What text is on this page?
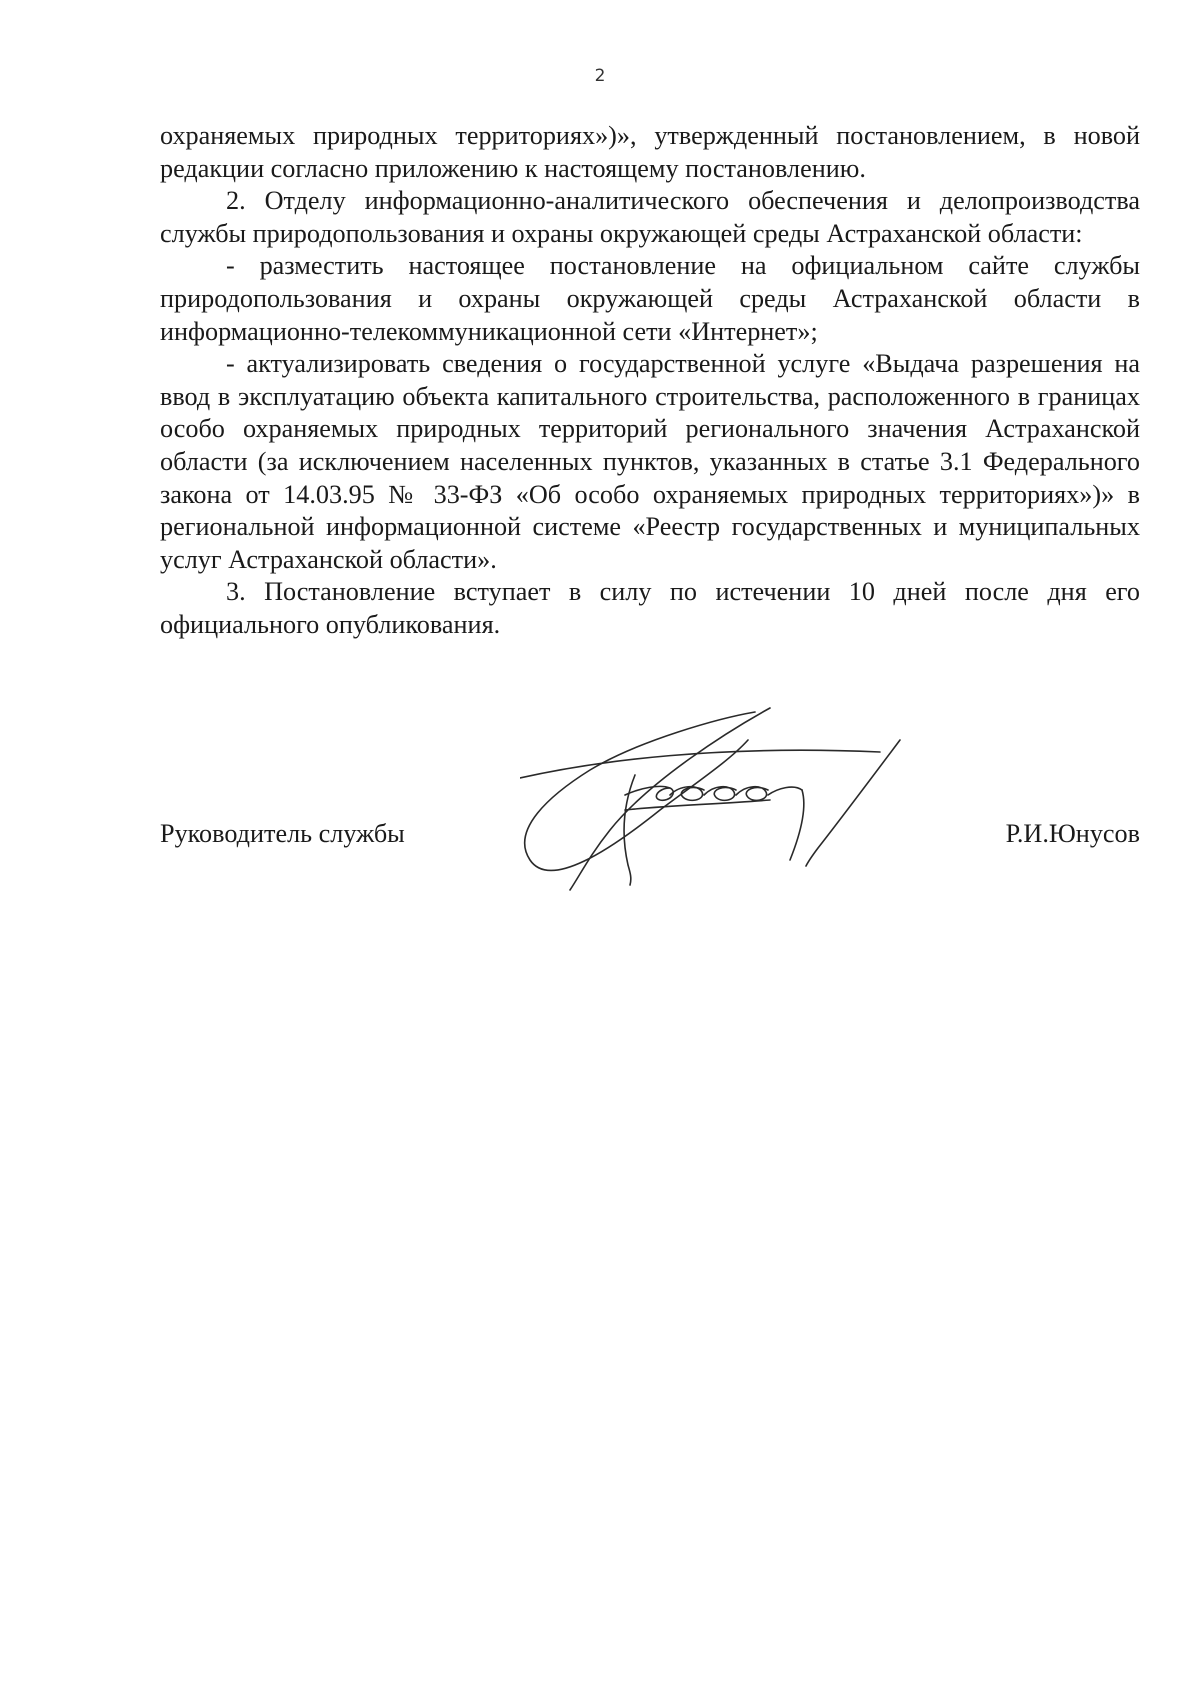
2

охраняемых природных территориях»)», утвержденный постановлением, в новой редакции согласно приложению к настоящему постановлению.

2. Отделу информационно-аналитического обеспечения и делопроизводства службы природопользования и охраны окружающей среды Астраханской области:

- разместить настоящее постановление на официальном сайте службы природопользования и охраны окружающей среды Астраханской области в информационно-телекоммуникационной сети «Интернет»;

- актуализировать сведения о государственной услуге «Выдача разрешения на ввод в эксплуатацию объекта капитального строительства, расположенного в границах особо охраняемых природных территорий регионального значения Астраханской области (за исключением населенных пунктов, указанных в статье 3.1 Федерального закона от 14.03.95 № 33-ФЗ «Об особо охраняемых природных территориях»)» в региональной информационной системе «Реестр государственных и муниципальных услуг Астраханской области».

3. Постановление вступает в силу по истечении 10 дней после дня его официального опубликования.

Руководитель службы	Р.И.Юнусов
